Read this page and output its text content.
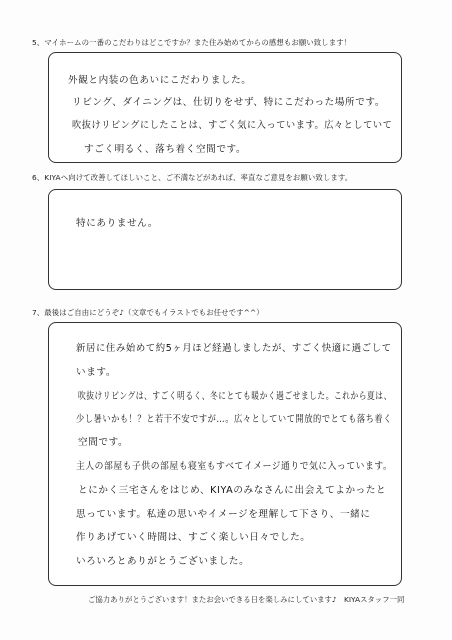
5、マイホームの一番のこだわりはどこですか？また住み始めてからの感想もお願い致します！
外観と内装の色あいにこだわりました。
リビング、ダイニングは、仕切りをせず、特にこだわった場所です。
吹抜けリビングにしたことは、すごく気に入っています。広々としていて
すごく明るく、落ち着く空間です。
6、KIYAへ向けて改善してほしいこと、ご不満などがあれば、率直なご意見をお願い致します。
特にありません。
7、最後はご自由にどうぞ♪（文章でもイラストでもお任せです^^）
新居に住み始めて約5ヶ月ほど経過しましたが、すごく快適に過ごして
います。
吹抜けリビングは、すごく明るく、冬にとても暖かく過ごせました。これから夏は、
少し暑いかも！？と若干不安ですが…。広々としていて開放的でとても落ち着く
空間です。
主人の部屋も子供の部屋も寝室もすべてイメージ通りで気に入っています。
とにかく三宅さんをはじめ、KIYAのみなさんに出会えてよかったと
思っています。私達の思いやイメージを理解して下さり、一緒に
作りあげていく時間は、すごく楽しい日々でした。
いろいろとありがとうございました。
ご協力ありがとうございます！またお会いできる日を楽しみにしています♪　KIYAスタッフ一同
